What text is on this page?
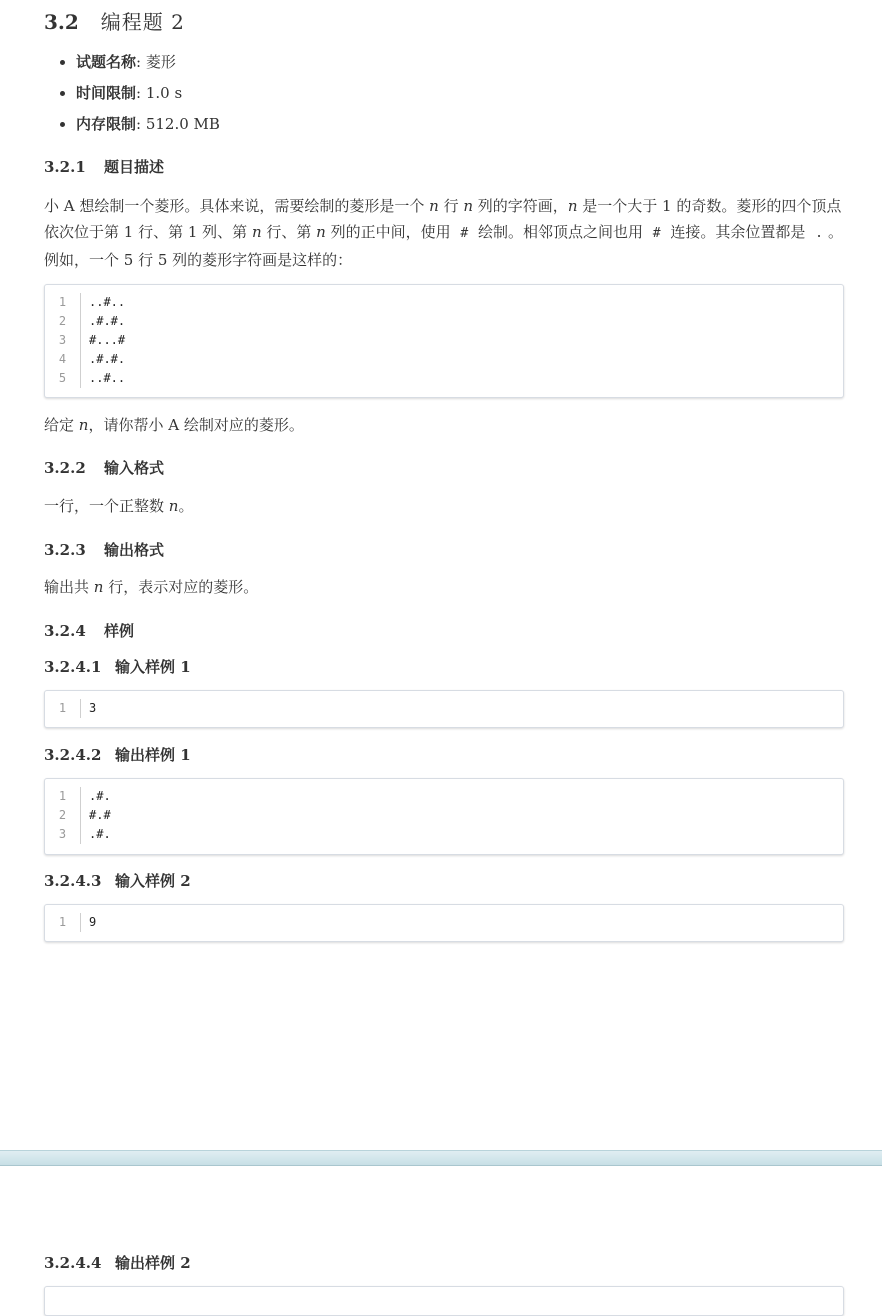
3.2 编程题 2
试题名称: 菱形
时间限制: 1.0 s
内存限制: 512.0 MB
3.2.1 题目描述
小 A 想绘制一个菱形。具体来说，需要绘制的菱形是一个 n 行 n 列的字符画，n 是一个大于 1 的奇数。菱形的四个顶点依次位于第 1 行、第 1 列、第 n 行、第 n 列的正中间，使用 # 绘制。相邻顶点之间也用 # 连接。其余位置都是 . 。例如，一个 5 行 5 列的菱形字符画是这样的：
1	..#..
2	.#.#.
3	#...#
4	.#.#.
5	..#..
给定 n，请你帮小 A 绘制对应的菱形。
3.2.2 输入格式
一行，一个正整数 n。
3.2.3 输出格式
输出共 n 行，表示对应的菱形。
3.2.4 样例
3.2.4.1 输入样例 1
1	3
3.2.4.2 输出样例 1
1	.#.
2	#.#
3	.#.
3.2.4.3 输入样例 2
1	9
3.2.4.4 输出样例 2
